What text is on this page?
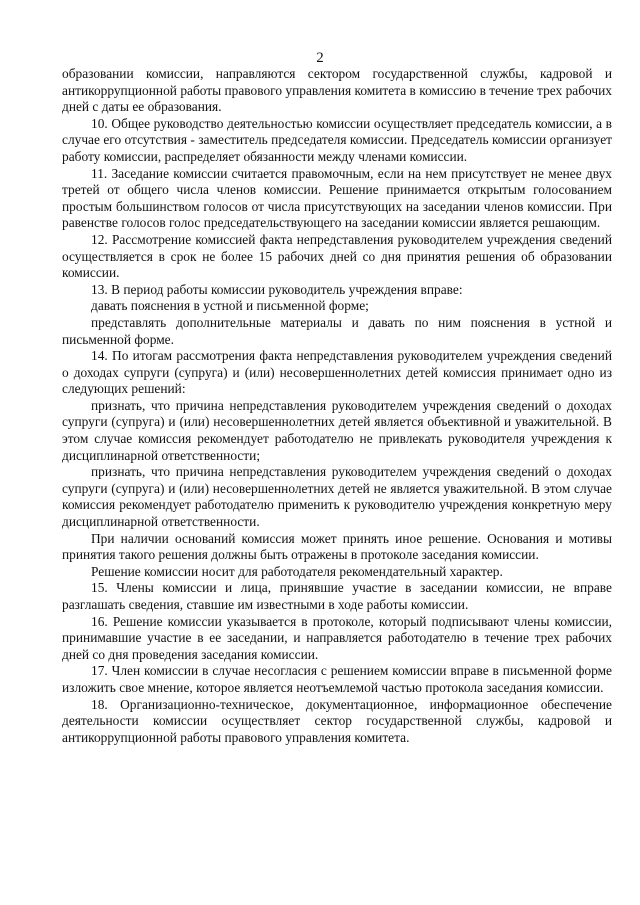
2

образовании комиссии, направляются сектором государственной службы, кадровой и антикоррупционной работы правового управления комитета в комиссию в течение трех рабочих дней с даты ее образования.

10. Общее руководство деятельностью комиссии осуществляет председатель комиссии, а в случае его отсутствия - заместитель председателя комиссии. Председатель комиссии организует работу комиссии, распределяет обязанности между членами комиссии.

11. Заседание комиссии считается правомочным, если на нем присутствует не менее двух третей от общего числа членов комиссии. Решение принимается открытым голосованием простым большинством голосов от числа присутствующих на заседании членов комиссии. При равенстве голосов голос председательствующего на заседании комиссии является решающим.

12. Рассмотрение комиссией факта непредставления руководителем учреждения сведений осуществляется в срок не более 15 рабочих дней со дня принятия решения об образовании комиссии.

13. В период работы комиссии руководитель учреждения вправе:

давать пояснения в устной и письменной форме;

представлять дополнительные материалы и давать по ним пояснения в устной и письменной форме.

14. По итогам рассмотрения факта непредставления руководителем учреждения сведений о доходах супруги (супруга) и (или) несовершеннолетних детей комиссия принимает одно из следующих решений:

признать, что причина непредставления руководителем учреждения сведений о доходах супруги (супруга) и (или) несовершеннолетних детей является объективной и уважительной. В этом случае комиссия рекомендует работодателю не привлекать руководителя учреждения к дисциплинарной ответственности;

признать, что причина непредставления руководителем учреждения сведений о доходах супруги (супруга) и (или) несовершеннолетних детей не является уважительной. В этом случае комиссия рекомендует работодателю применить к руководителю учреждения конкретную меру дисциплинарной ответственности.

При наличии оснований комиссия может принять иное решение. Основания и мотивы принятия такого решения должны быть отражены в протоколе заседания комиссии.

Решение комиссии носит для работодателя рекомендательный характер.

15. Члены комиссии и лица, принявшие участие в заседании комиссии, не вправе разглашать сведения, ставшие им известными в ходе работы комиссии.

16. Решение комиссии указывается в протоколе, который подписывают члены комиссии, принимавшие участие в ее заседании, и направляется работодателю в течение трех рабочих дней со дня проведения заседания комиссии.

17. Член комиссии в случае несогласия с решением комиссии вправе в письменной форме изложить свое мнение, которое является неотъемлемой частью протокола заседания комиссии.

18. Организационно-техническое, документационное, информационное обеспечение деятельности комиссии осуществляет сектор государственной службы, кадровой и антикоррупционной работы правового управления комитета.
